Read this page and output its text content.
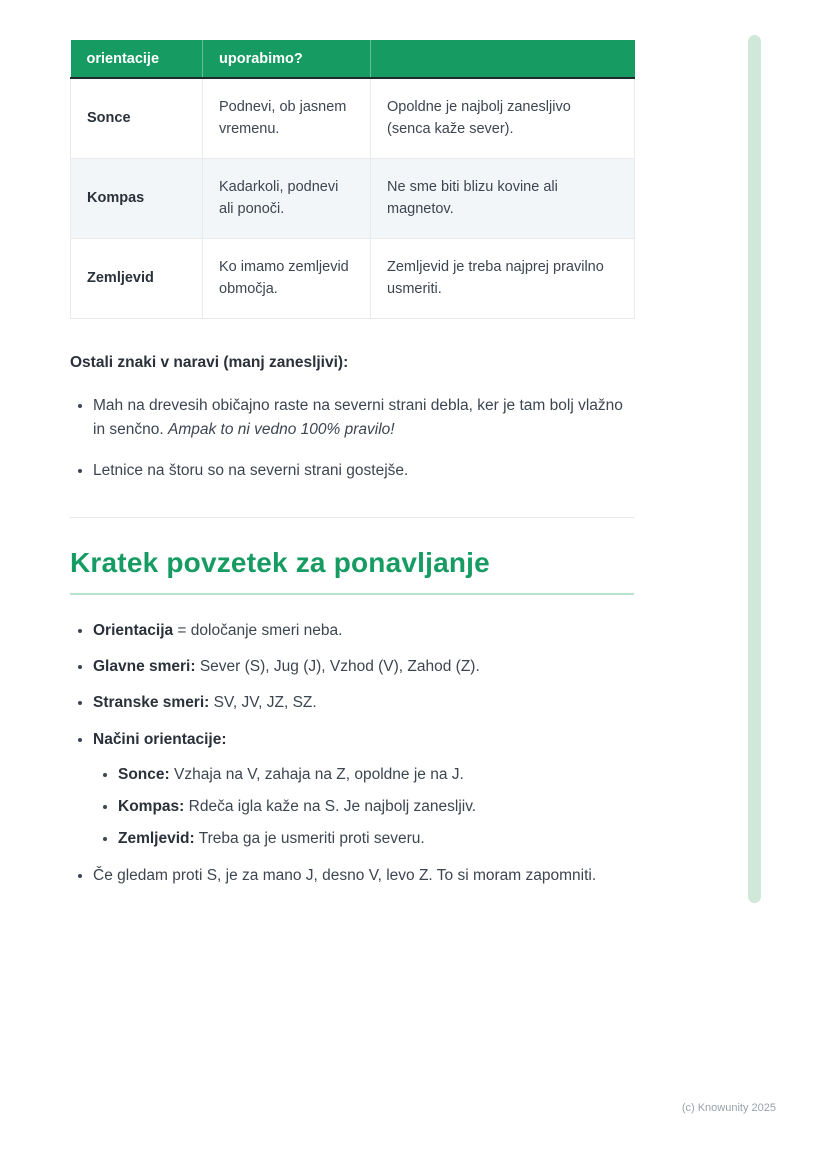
orientacije	uporabimo?	
Sonce	Podnevi, ob jasnem vremenu.	Opoldne je najbolj zanesljivo (senca kaže sever).
Kompas	Kadarkoli, podnevi ali ponoči.	Ne sme biti blizu kovine ali magnetov.
Zemljevid	Ko imamo zemljevid območja.	Zemljevid je treba najprej pravilno usmeriti.

Ostali znaki v naravi (manj zanesljivi):

• Mah na drevesih običajno raste na severni strani debla, ker je tam bolj vlažno in senčno. Ampak to ni vedno 100% pravilo!
• Letnice na štoru so na severni strani gostejše.
Kratek povzetek za ponavljanje
• Orientacija = določanje smeri neba.
• Glavne smeri: Sever (S), Jug (J), Vzhod (V), Zahod (Z).
• Stranske smeri: SV, JV, JZ, SZ.
• Načini orientacije:
• Sonce: Vzhaja na V, zahaja na Z, opoldne je na J.
• Kompas: Rdeča igla kaže na S. Je najbolj zanesljiv.
• Zemljevid: Treba ga je usmeriti proti severu.
• Če gledam proti S, je za mano J, desno V, levo Z. To si moram zapomniti.
(c) Knowunity 2025
